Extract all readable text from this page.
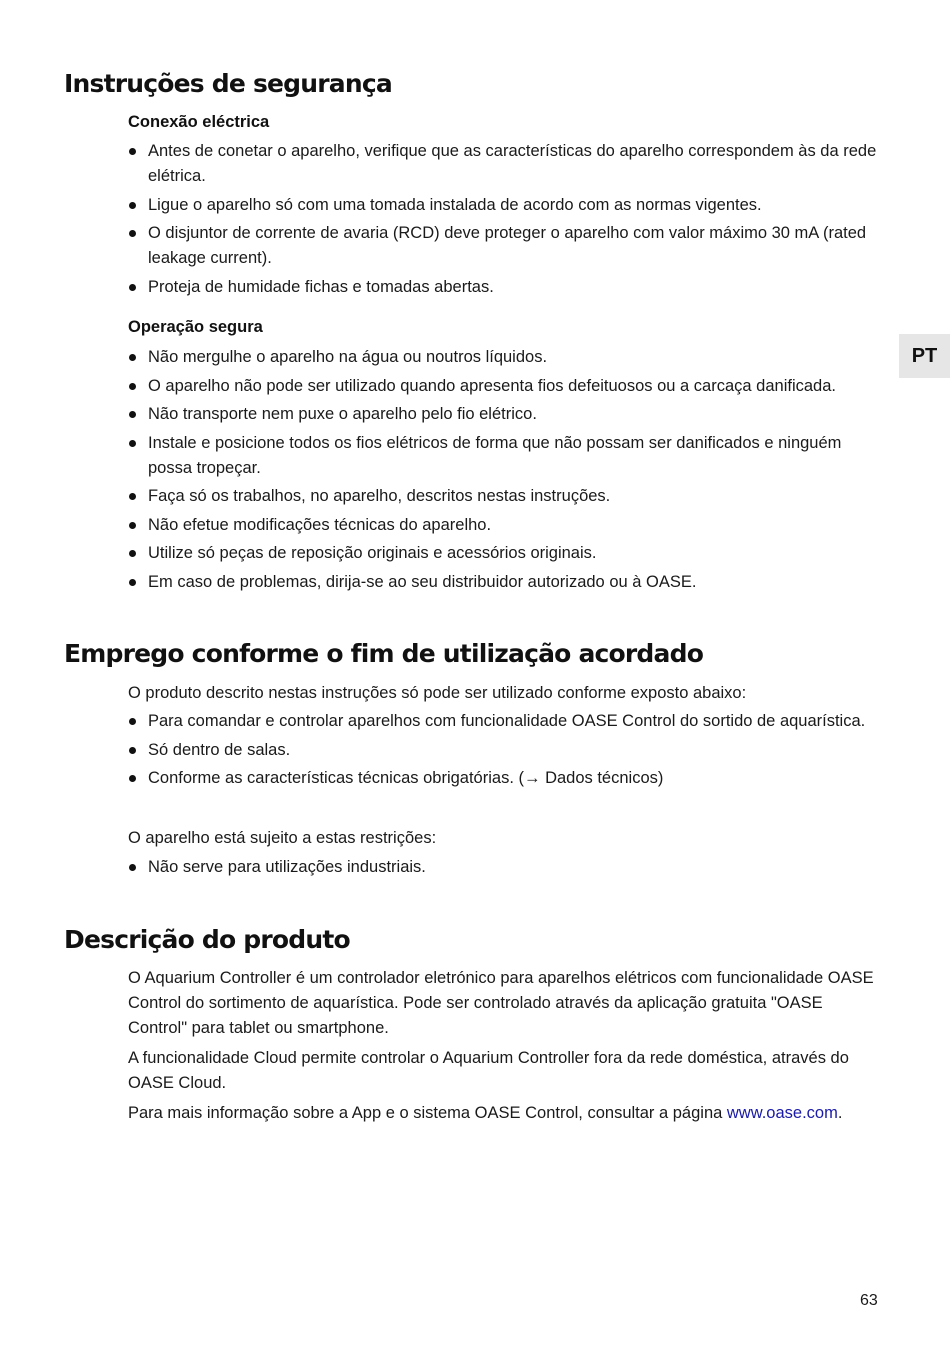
Instruções de segurança
Conexão eléctrica
Antes de conetar o aparelho, verifique que as características do aparelho correspondem às da rede elétrica.
Ligue o aparelho só com uma tomada instalada de acordo com as normas vigentes.
O disjuntor de corrente de avaria (RCD) deve proteger o aparelho com valor máximo 30 mA (rated leakage current).
Proteja de humidade fichas e tomadas abertas.
Operação segura
Não mergulhe o aparelho na água ou noutros líquidos.
O aparelho não pode ser utilizado quando apresenta fios defeituosos ou a carcaça danificada.
Não transporte nem puxe o aparelho pelo fio elétrico.
Instale e posicione todos os fios elétricos de forma que não possam ser danificados e ninguém possa tropeçar.
Faça só os trabalhos, no aparelho, descritos nestas instruções.
Não efetue modificações técnicas do aparelho.
Utilize só peças de reposição originais e acessórios originais.
Em caso de problemas, dirija-se ao seu distribuidor autorizado ou à OASE.
Emprego conforme o fim de utilização acordado

O produto descrito nestas instruções só pode ser utilizado conforme exposto abaixo:

Para comandar e controlar aparelhos com funcionalidade OASE Control do sortido de aquarística.
Só dentro de salas.
Conforme as características técnicas obrigatórias. (→ Dados técnicos)

O aparelho está sujeito a estas restrições:

Não serve para utilizações industriais.
Descrição do produto

O Aquarium Controller é um controlador eletrónico para aparelhos elétricos com funcionalidade OASE Control do sortimento de aquarística. Pode ser controlado através da aplicação gratuita "OASE Control" para tablet ou smartphone.

A funcionalidade Cloud permite controlar o Aquarium Controller fora da rede doméstica, através do OASE Cloud.

Para mais informação sobre a App e o sistema OASE Control, consultar a página www.oase.com.

PT
63
